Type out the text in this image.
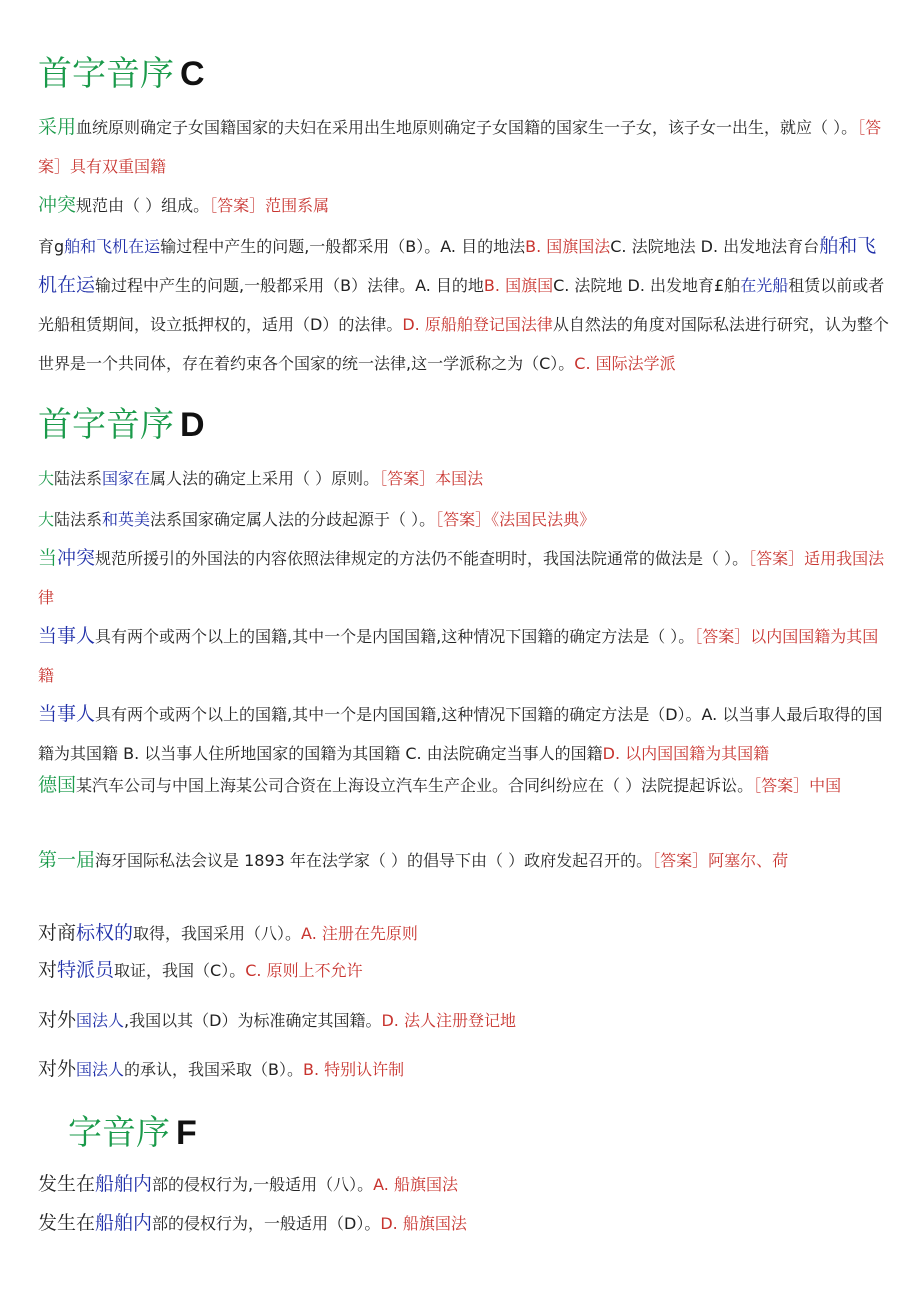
首字音序 C
采用血统原则确定子女国籍国家的夫妇在采用出生地原则确定子女国籍的国家生一子女，该子女一出生，就应（ ）。［答案］具有双重国籍
冲突规范由（ ）组成。［答案］范围系属
育g舶和飞机在运输过程中产生的问题,一般都采用（B）。A. 目的地法B. 国旗国法C. 法院地法 D. 出发地法育台舶和飞机在运输过程中产生的问题,一般都采用（B）法律。A. 目的地B. 国旗国C. 法院地 D. 出发地育£舶在光船租赁以前或者光船租赁期间，设立抵押权的，适用（D）的法律。D. 原船舶登记国法律从自然法的角度对国际私法进行研究，认为整个世界是一个共同体，存在着约束各个国家的统一法律,这一学派称之为（C）。C. 国际法学派
首字音序 D
大陆法系国家在属人法的确定上采用（ ）原则。［答案］本国法
大陆法系和英美法系国家确定属人法的分歧起源于（ ）。［答案］《法国民法典》
当冲突规范所援引的外国法的内容依照法律规定的方法仍不能查明时，我国法院通常的做法是（ ）。［答案］适用我国法律
当事人具有两个或两个以上的国籍,其中一个是内国国籍,这种情况下国籍的确定方法是（ ）。［答案］以内国国籍为其国籍
当事人具有两个或两个以上的国籍,其中一个是内国国籍,这种情况下国籍的确定方法是（D）。A. 以当事人最后取得的国籍为其国籍 B. 以当事人住所地国家的国籍为其国籍 C. 由法院确定当事人的国籍D. 以内国国籍为其国籍
德国某汽车公司与中国上海某公司合资在上海设立汽车生产企业。合同纠纷应在（ ）法院提起诉讼。［答案］中国
第一届海牙国际私法会议是 1893 年在法学家（ ）的倡导下由（ ）政府发起召开的。［答案］阿塞尔、荷
对商标权的取得，我国采用（八）。A. 注册在先原则
对特派员取证，我国（C）。C. 原则上不允许
对外国法人,我国以其（D）为标准确定其国籍。D. 法人注册登记地
对外国法人的承认，我国采取（B）。B. 特别认许制
字音序 F
发生在船舶内部的侵权行为,一般适用（八）。A. 船旗国法
发生在船舶内部的侵权行为，一般适用（D）。D. 船旗国法
